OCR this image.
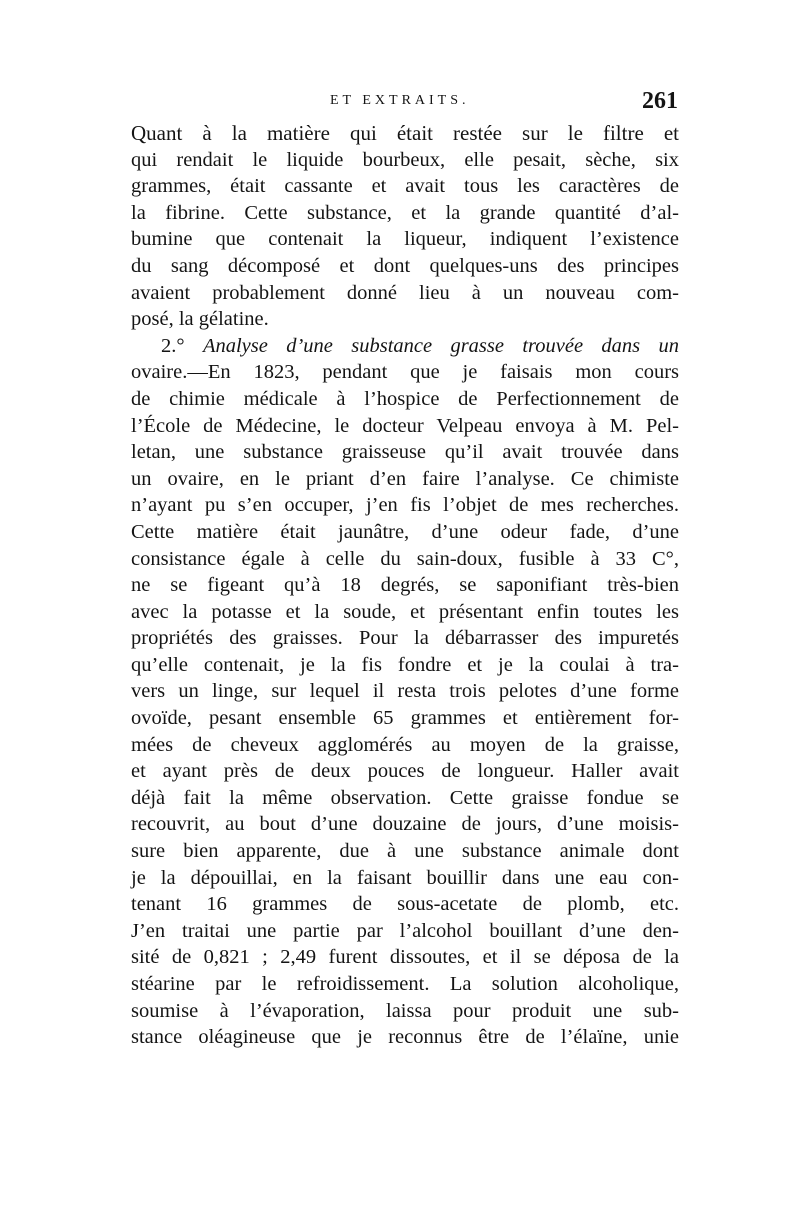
ET EXTRAITS.	261
Quant à la matière qui était restée sur le filtre et
qui rendait le liquide bourbeux, elle pesait, sèche, six
grammes, était cassante et avait tous les caractères de
la fibrine. Cette substance, et la grande quantité d’al-
bumine que contenait la liqueur, indiquent l’existence
du sang décomposé et dont quelques-uns des principes
avaient probablement donné lieu à un nouveau com-
posé, la gélatine.
2.° Analyse d’une substance grasse trouvée dans un
ovaire.—En 1823, pendant que je faisais mon cours
de chimie médicale à l’hospice de Perfectionnement de
l’École de Médecine, le docteur Velpeau envoya à M. Pel-
letan, une substance graisseuse qu’il avait trouvée dans
un ovaire, en le priant d’en faire l’analyse. Ce chimiste
n’ayant pu s’en occuper, j’en fis l’objet de mes recherches.
Cette matière était jaunâtre, d’une odeur fade, d’une
consistance égale à celle du sain-doux, fusible à 33 C°,
ne se figeant qu’à 18 degrés, se saponifiant très-bien
avec la potasse et la soude, et présentant enfin toutes les
propriétés des graisses. Pour la débarrasser des impuretés
qu’elle contenait, je la fis fondre et je la coulai à tra-
vers un linge, sur lequel il resta trois pelotes d’une forme
ovoïde, pesant ensemble 65 grammes et entièrement for-
mées de cheveux agglomérés au moyen de la graisse,
et ayant près de deux pouces de longueur. Haller avait
déjà fait la même observation. Cette graisse fondue se
recouvrit, au bout d’une douzaine de jours, d’une moisis-
sure bien apparente, due à une substance animale dont
je la dépouillai, en la faisant bouillir dans une eau con-
tenant 16 grammes de sous-acetate de plomb, etc.
J’en traitai une partie par l’alcohol bouillant d’une den-
sité de 0,821 ; 2,49 furent dissoutes, et il se déposa de la
stéarine par le refroidissement. La solution alcoholique,
soumise à l’évaporation, laissa pour produit une sub-
stance oléagineuse que je reconnus être de l’élaïne, unie
